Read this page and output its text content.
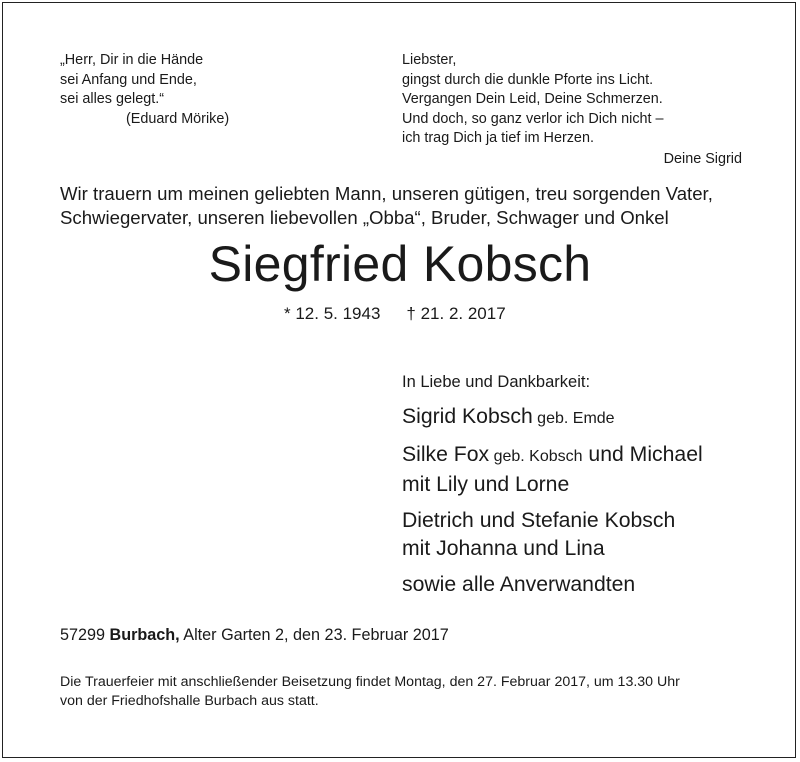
„Herr, Dir in die Hände
sei Anfang und Ende,
sei alles gelegt.“
(Eduard Mörike)
Liebster,
gingst durch die dunkle Pforte ins Licht.
Vergangen Dein Leid, Deine Schmerzen.
Und doch, so ganz verlor ich Dich nicht –
ich trag Dich ja tief im Herzen.
Deine Sigrid
Wir trauern um meinen geliebten Mann, unseren gütigen, treu sorgenden Vater,
Schwiegervater, unseren liebevollen „Obba“, Bruder, Schwager und Onkel
Siegfried Kobsch
* 12. 5. 1943 † 21. 2. 2017
In Liebe und Dankbarkeit:
Sigrid Kobsch geb. Emde
Silke Fox geb. Kobsch und Michael
mit Lily und Lorne
Dietrich und Stefanie Kobsch
mit Johanna und Lina
sowie alle Anverwandten
57299 Burbach, Alter Garten 2, den 23. Februar 2017
Die Trauerfeier mit anschließender Beisetzung findet Montag, den 27. Februar 2017, um 13.30 Uhr
von der Friedhofshalle Burbach aus statt.
